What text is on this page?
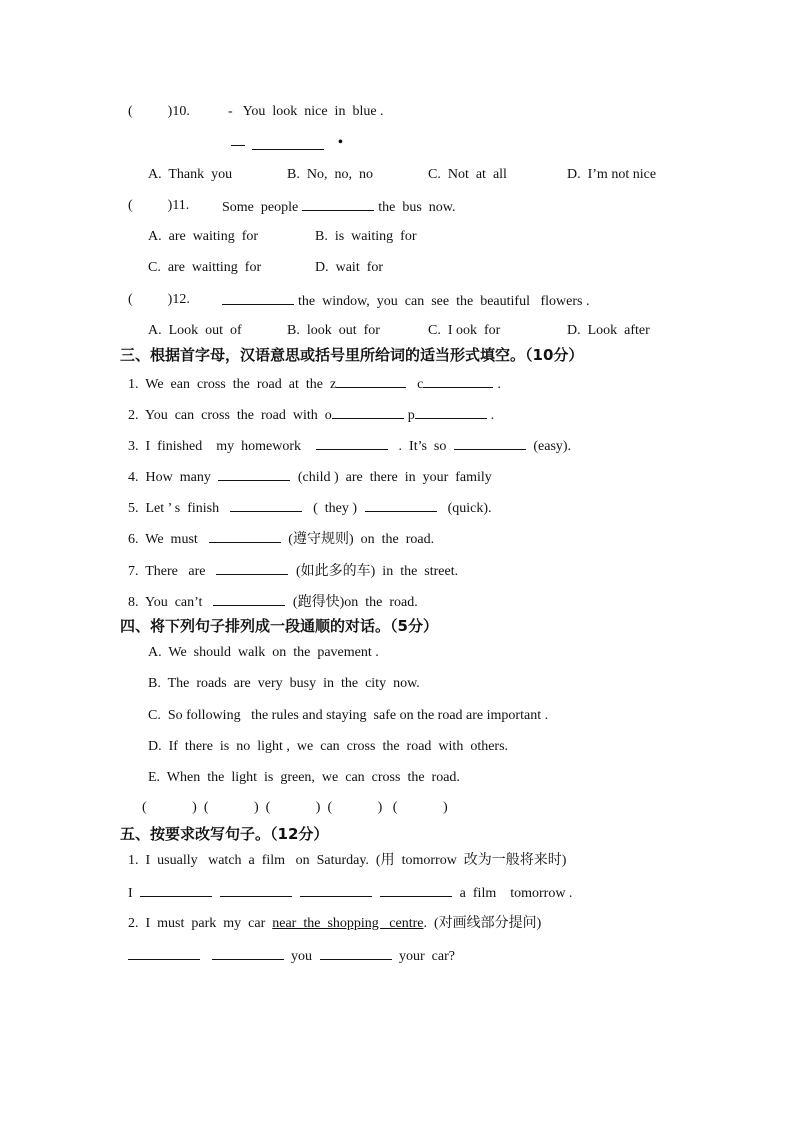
(          )10.	-   You  look  nice  in  blue .
•
A.  Thank  you	B.  No,  no,  no	C.  Not  at  all	D.  I’m not nice
(          )11. Some  people	the  bus  now.
A.  are  waiting  for	B.  is  waiting  for
C.  are  waitting  for	D.  wait  for
(          )12.	the  window,  you  can  see  the  beautiful   flowers .
A.  Look  out  of	B.  look  out  for	C.  I ook  for	D.  Look  after
三、根据首字母，汉语意思或括号里所给词的适当形式填空。（10分）
1. We  ean  cross  the  road  at  the  z	c	.
2. You  can  cross  the  road  with  o	p	.
3. I  finished    my  homework	.  It’s  so	(easy).
4. How  many	(child )  are  there  in  your  family
5. Let ’ s  finish	(  they )	(quick).
6. We  must	(遵守规则)  on  the  road.
7. There   are	(如此多的车)  in  the  street.
8. You  can’t	(跑得快)on  the  road.
四、将下列句子排列成一段通顺的对话。（5分）
A.  We  should  walk  on  the  pavement .
B.  The  roads  are  very  busy  in  the  city  now.
C.  So following   the rules and staying  safe on the road are important .
D.  If  there  is  no  light ,  we  can  cross  the  road  with  others.
E.  When  the  light  is  green,  we  can  cross  the  road.
(             )  (             )  (             )  (             )   (             )
五、按要求改写句子。（12分）
1.  I  usually   watch  a  film   on  Saturday.  (用  tomorrow  改为一般将来时)
I	a  film    tomorrow .
2.  I  must  park  my  car near  the  shopping   centre.  (对画线部分提问)
you	your  car?
